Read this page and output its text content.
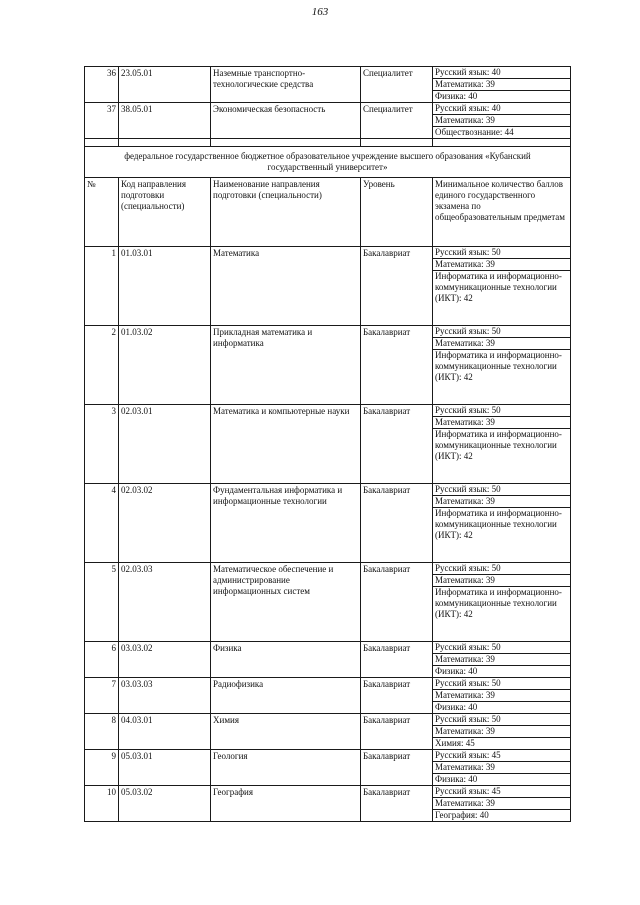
163
36	23.05.01	Наземные транспортно-технологические средства	Специалитет	Русский язык: 40
Математика: 39
Физика: 40

37	38.05.01	Экономическая безопасность	Специалитет	Русский язык: 40
Математика: 39
Обществознание: 44

федеральное государственное бюджетное образовательное учреждение высшего образования «Кубанский государственный университет»				
№	Код направления подготовки (специальности)	Наименование направления подготовки (специальности)	Уровень	Минимальное количество баллов единого государственного экзамена по общеобразовательным предметам
1	01.03.01	Математика	Бакалавриат	Русский язык: 50
Математика: 39
Информатика и информационно-коммуникационные технологии (ИКТ): 42

2	01.03.02	Прикладная математика и информатика	Бакалавриат	Русский язык: 50
Математика: 39
Информатика и информационно-коммуникационные технологии (ИКТ): 42

3	02.03.01	Математика и компьютерные науки	Бакалавриат	Русский язык: 50
Математика: 39
Информатика и информационно-коммуникационные технологии (ИКТ): 42

4	02.03.02	Фундаментальная информатика и информационные технологии	Бакалавриат	Русский язык: 50
Математика: 39
Информатика и информационно-коммуникационные технологии (ИКТ): 42

5	02.03.03	Математическое обеспечение и администрирование информационных систем	Бакалавриат	Русский язык: 50
Математика: 39
Информатика и информационно-коммуникационные технологии (ИКТ): 42

6	03.03.02	Физика	Бакалавриат	Русский язык: 50
Математика: 39
Физика: 40

7	03.03.03	Радиофизика	Бакалавриат	Русский язык: 50
Математика: 39
Физика: 40

8	04.03.01	Химия	Бакалавриат	Русский язык: 50
Математика: 39
Химия: 45

9	05.03.01	Геология	Бакалавриат	Русский язык: 45
Математика: 39
Физика: 40

10	05.03.02	География	Бакалавриат	Русский язык: 45
Математика: 39
География: 40
